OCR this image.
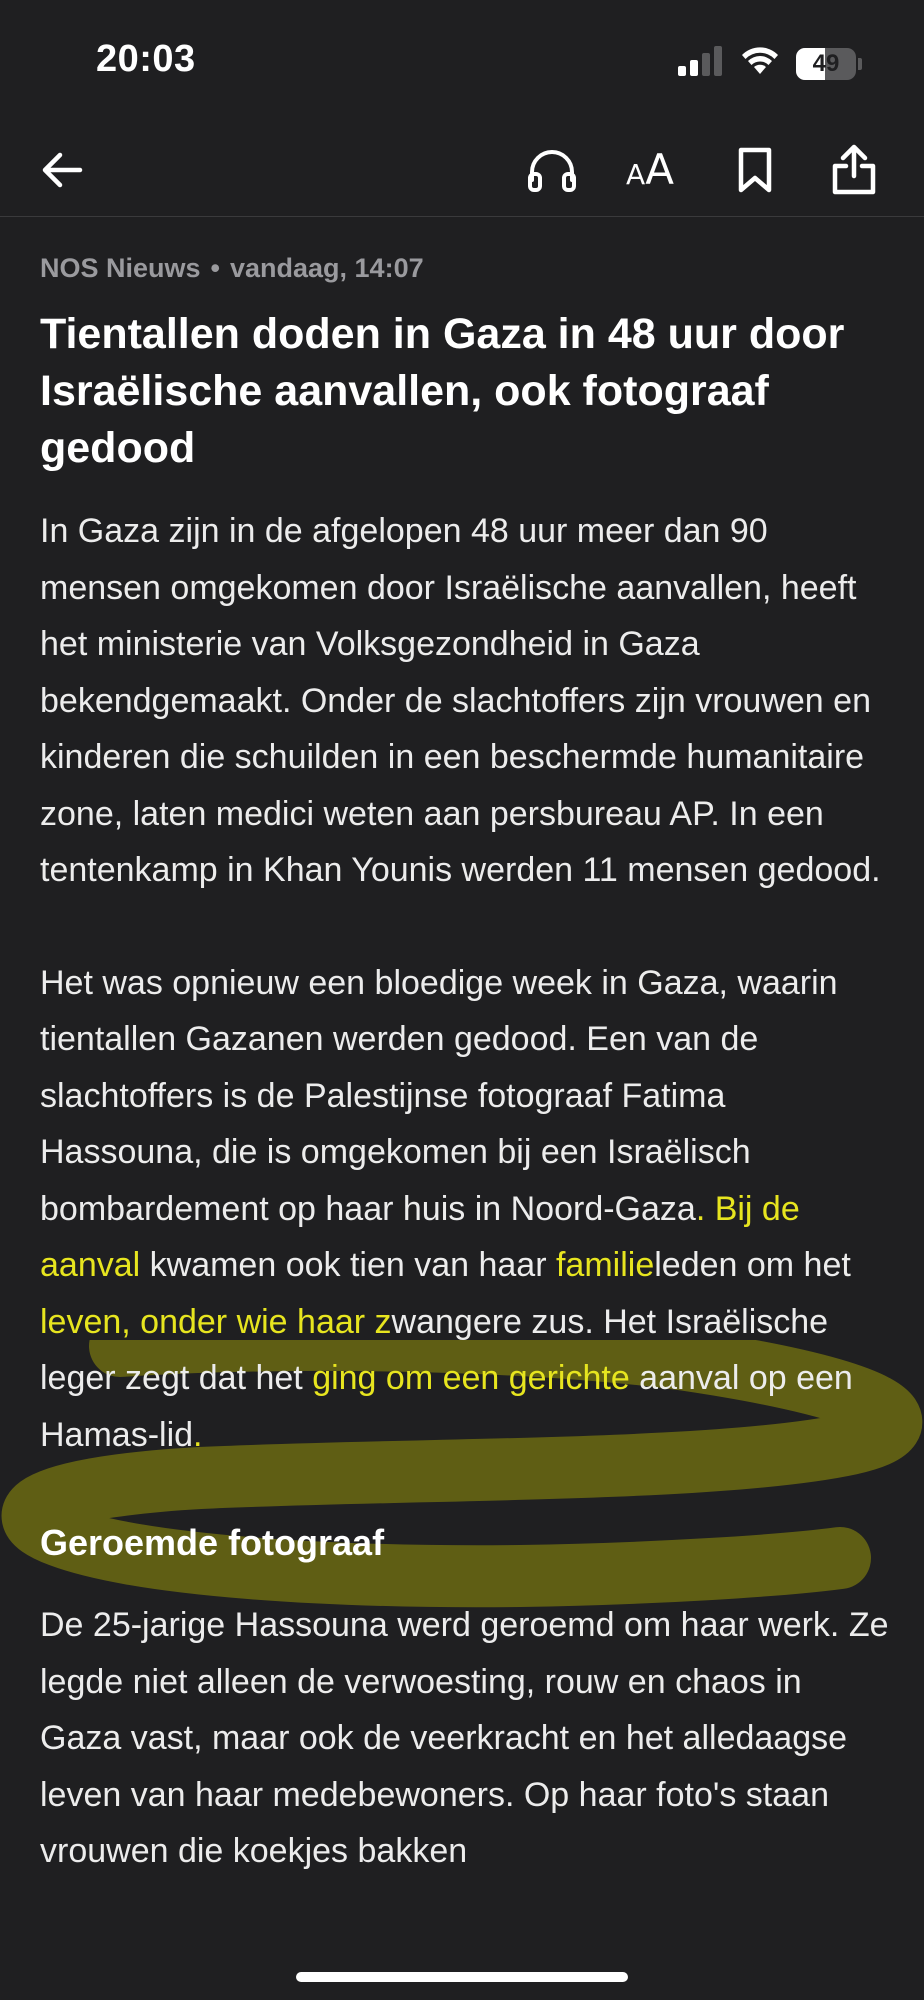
20:03	49
AA
NOS Nieuws • vandaag, 14:07
Tientallen doden in Gaza in 48 uur door Israëlische aanvallen, ook fotograaf gedood

In Gaza zijn in de afgelopen 48 uur meer dan 90 mensen omgekomen door Israëlische aanvallen, heeft het ministerie van Volksgezondheid in Gaza bekendgemaakt. Onder de slachtoffers zijn vrouwen en kinderen die schuilden in een beschermde humanitaire zone, laten medici weten aan persbureau AP. In een tentenkamp in Khan Younis werden 11 mensen gedood.

Het was opnieuw een bloedige week in Gaza, waarin tientallen Gazanen werden gedood. Een van de slachtoffers is de Palestijnse fotograaf Fatima Hassouna, die is omgekomen bij een Israëlisch bombardement op haar huis in Noord-Gaza. Bij de aanval kwamen ook tien van haar familieleden om het leven, onder wie haar zwangere zus. Het Israëlische leger zegt dat het ging om een gerichte aanval op een Hamas-lid.

Geroemde fotograaf

De 25-jarige Hassouna werd geroemd om haar werk. Ze legde niet alleen de verwoesting, rouw en chaos in Gaza vast, maar ook de veerkracht en het alledaagse leven van haar medebewoners. Op haar foto's staan vrouwen die koekjes bakken
